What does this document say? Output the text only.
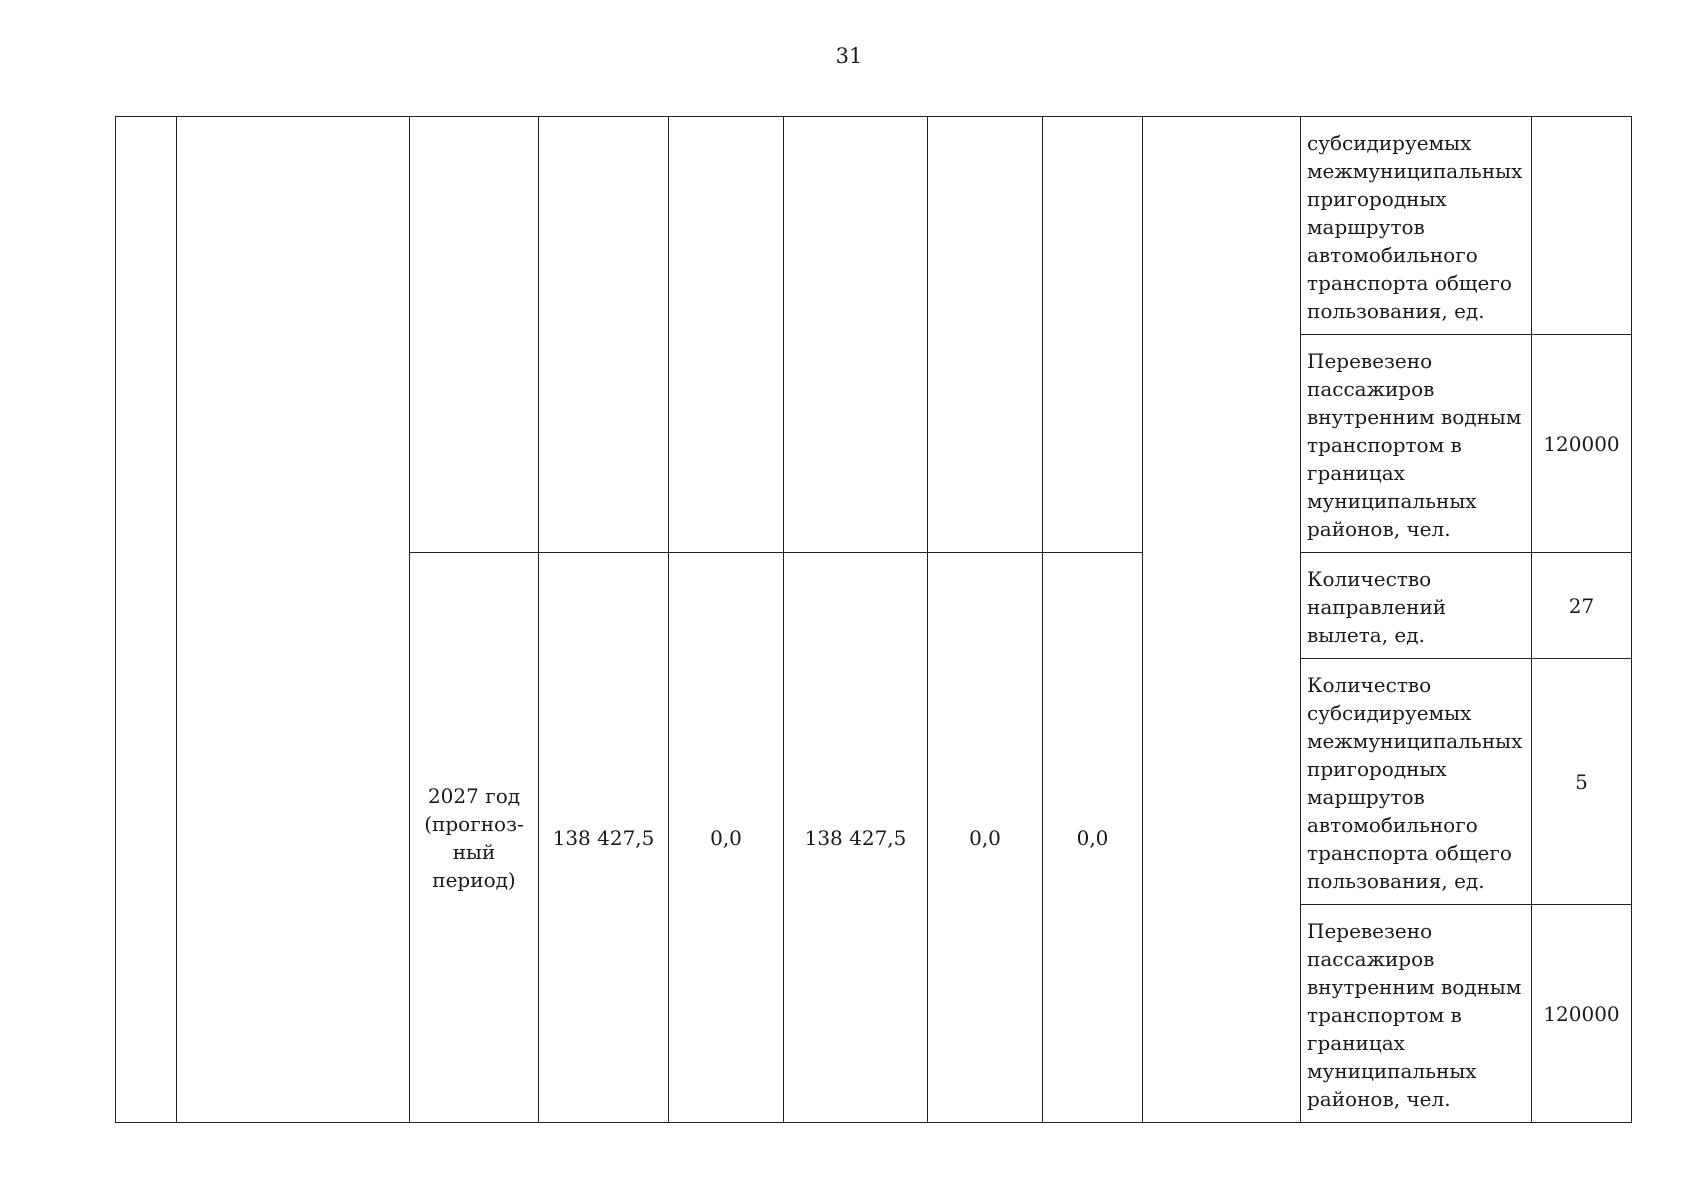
31
									субсидируемых межмуниципальных пригородных маршрутов автомобильного транспорта общего пользования, ед.	
									Перевезено пассажиров внутренним водным транспортом в границах муниципальных районов, чел.	120000
		2027 год (прогноз-ный период)	138 427,5	0,0	138 427,5	0,0	0,0		Количество направлений вылета, ед.	27
									Количество субсидируемых межмуниципальных пригородных маршрутов автомобильного транспорта общего пользования, ед.	5
									Перевезено пассажиров внутренним водным транспортом в границах муниципальных районов, чел.	120000
